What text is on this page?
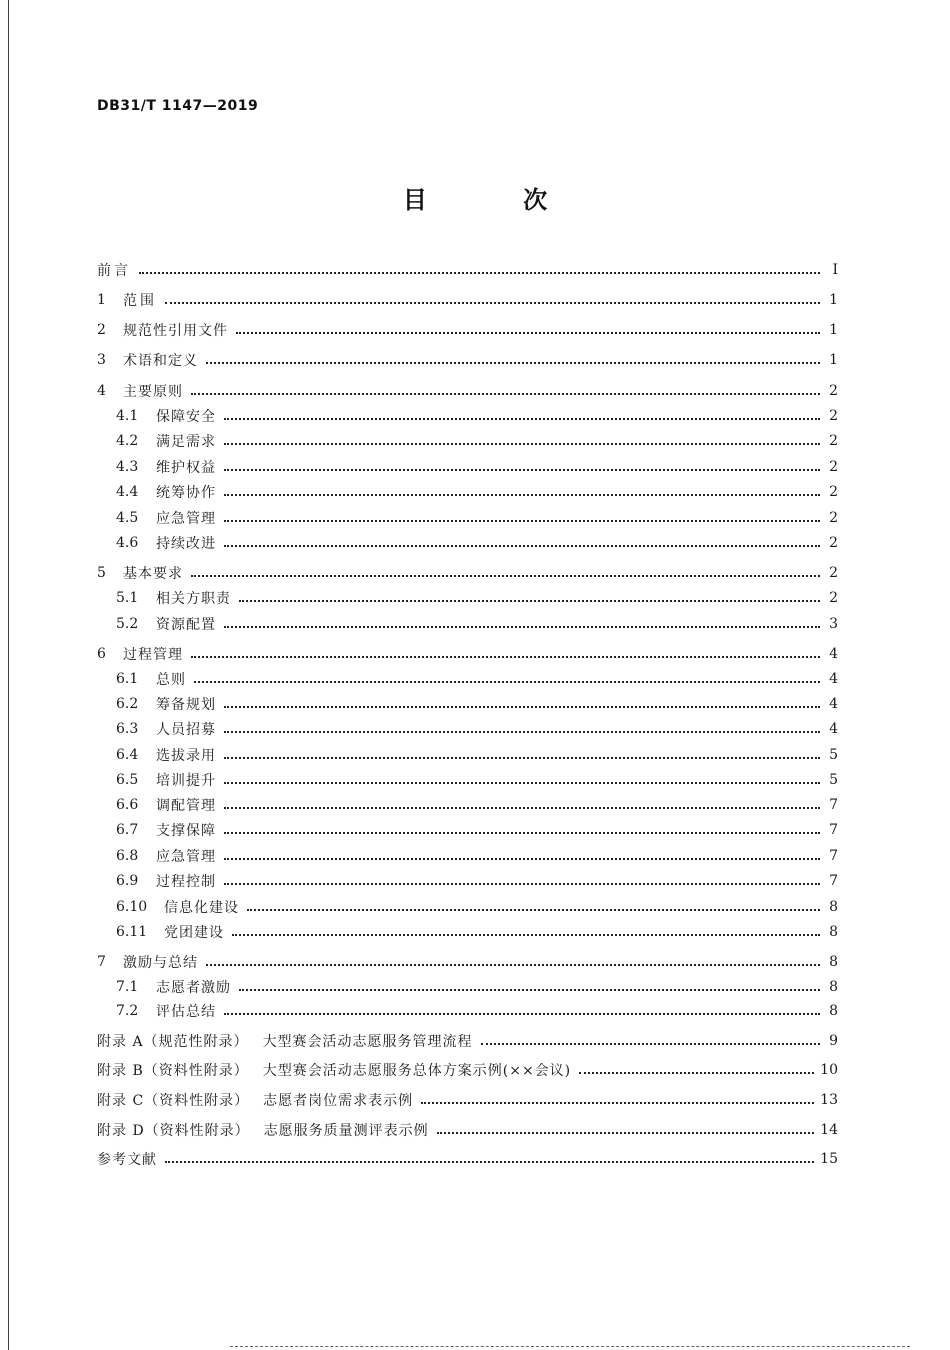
DB31/T 1147—2019
目 次
前言	Ⅰ
1	范围	1
2	规范性引用文件	1
3	术语和定义	1
4	主要原则	2
4.1	保障安全	2
4.2	满足需求	2
4.3	维护权益	2
4.4	统筹协作	2
4.5	应急管理	2
4.6	持续改进	2
5	基本要求	2
5.1	相关方职责	2
5.2	资源配置	3
6	过程管理	4
6.1	总则	4
6.2	筹备规划	4
6.3	人员招募	4
6.4	选拔录用	5
6.5	培训提升	5
6.6	调配管理	7
6.7	支撑保障	7
6.8	应急管理	7
6.9	过程控制	7
6.10	信息化建设	8
6.11	党团建设	8
7	激励与总结	8
7.1	志愿者激励	8
7.2	评估总结	8
附录 A（规范性附录） 大型赛会活动志愿服务管理流程	9
附录 B（资料性附录） 大型赛会活动志愿服务总体方案示例(××会议)	10
附录 C（资料性附录） 志愿者岗位需求表示例	13
附录 D（资料性附录） 志愿服务质量测评表示例	14
参考文献	15
